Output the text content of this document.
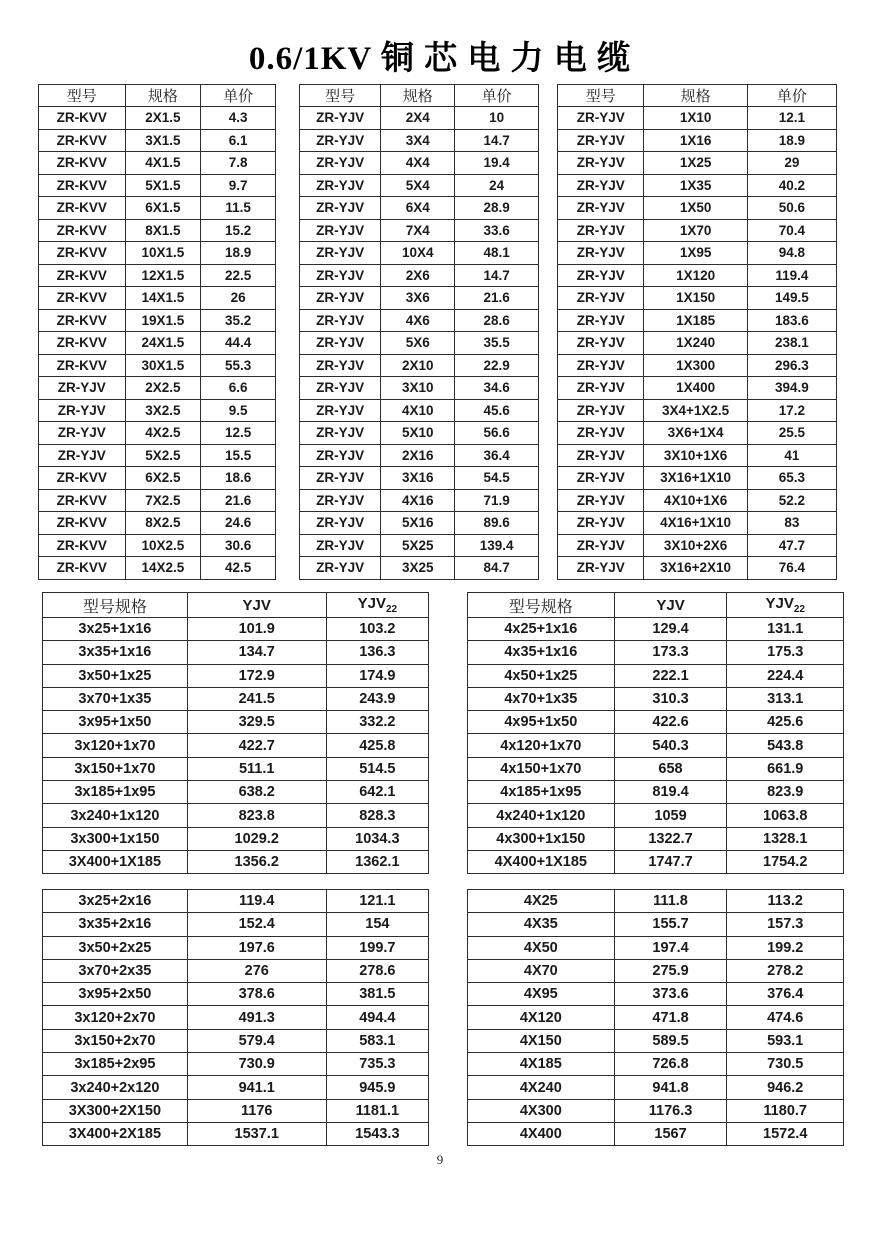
0.6/1KV 铜 芯 电 力 电 缆
型号	规格	单价
ZR-KVV	2X1.5	4.3
ZR-KVV	3X1.5	6.1
ZR-KVV	4X1.5	7.8
ZR-KVV	5X1.5	9.7
ZR-KVV	6X1.5	11.5
ZR-KVV	8X1.5	15.2
ZR-KVV	10X1.5	18.9
ZR-KVV	12X1.5	22.5
ZR-KVV	14X1.5	26
ZR-KVV	19X1.5	35.2
ZR-KVV	24X1.5	44.4
ZR-KVV	30X1.5	55.3
ZR-YJV	2X2.5	6.6
ZR-YJV	3X2.5	9.5
ZR-YJV	4X2.5	12.5
ZR-YJV	5X2.5	15.5
ZR-KVV	6X2.5	18.6
ZR-KVV	7X2.5	21.6
ZR-KVV	8X2.5	24.6
ZR-KVV	10X2.5	30.6
ZR-KVV	14X2.5	42.5
型号	规格	单价
ZR-YJV	2X4	10
ZR-YJV	3X4	14.7
ZR-YJV	4X4	19.4
ZR-YJV	5X4	24
ZR-YJV	6X4	28.9
ZR-YJV	7X4	33.6
ZR-YJV	10X4	48.1
ZR-YJV	2X6	14.7
ZR-YJV	3X6	21.6
ZR-YJV	4X6	28.6
ZR-YJV	5X6	35.5
ZR-YJV	2X10	22.9
ZR-YJV	3X10	34.6
ZR-YJV	4X10	45.6
ZR-YJV	5X10	56.6
ZR-YJV	2X16	36.4
ZR-YJV	3X16	54.5
ZR-YJV	4X16	71.9
ZR-YJV	5X16	89.6
ZR-YJV	5X25	139.4
ZR-YJV	3X25	84.7
型号	规格	单价
ZR-YJV	1X10	12.1
ZR-YJV	1X16	18.9
ZR-YJV	1X25	29
ZR-YJV	1X35	40.2
ZR-YJV	1X50	50.6
ZR-YJV	1X70	70.4
ZR-YJV	1X95	94.8
ZR-YJV	1X120	119.4
ZR-YJV	1X150	149.5
ZR-YJV	1X185	183.6
ZR-YJV	1X240	238.1
ZR-YJV	1X300	296.3
ZR-YJV	1X400	394.9
ZR-YJV	3X4+1X2.5	17.2
ZR-YJV	3X6+1X4	25.5
ZR-YJV	3X10+1X6	41
ZR-YJV	3X16+1X10	65.3
ZR-YJV	4X10+1X6	52.2
ZR-YJV	4X16+1X10	83
ZR-YJV	3X10+2X6	47.7
ZR-YJV	3X16+2X10	76.4
型号规格	YJV	$YJV_{22}$
3x25+1x16	101.9	103.2
3x35+1x16	134.7	136.3
3x50+1x25	172.9	174.9
3x70+1x35	241.5	243.9
3x95+1x50	329.5	332.2
3x120+1x70	422.7	425.8
3x150+1x70	511.1	514.5
3x185+1x95	638.2	642.1
3x240+1x120	823.8	828.3
3x300+1x150	1029.2	1034.3
3X400+1X185	1356.2	1362.1
型号规格	YJV	$YJV_{22}$
4x25+1x16	129.4	131.1
4x35+1x16	173.3	175.3
4x50+1x25	222.1	224.4
4x70+1x35	310.3	313.1
4x95+1x50	422.6	425.6
4x120+1x70	540.3	543.8
4x150+1x70	658	661.9
4x185+1x95	819.4	823.9
4x240+1x120	1059	1063.8
4x300+1x150	1322.7	1328.1
4X400+1X185	1747.7	1754.2
3x25+2x16	119.4	121.1
3x35+2x16	152.4	154
3x50+2x25	197.6	199.7
3x70+2x35	276	278.6
3x95+2x50	378.6	381.5
3x120+2x70	491.3	494.4
3x150+2x70	579.4	583.1
3x185+2x95	730.9	735.3
3x240+2x120	941.1	945.9
3X300+2X150	1176	1181.1
3X400+2X185	1537.1	1543.3
4X25	111.8	113.2
4X35	155.7	157.3
4X50	197.4	199.2
4X70	275.9	278.2
4X95	373.6	376.4
4X120	471.8	474.6
4X150	589.5	593.1
4X185	726.8	730.5
4X240	941.8	946.2
4X300	1176.3	1180.7
4X400	1567	1572.4
9
